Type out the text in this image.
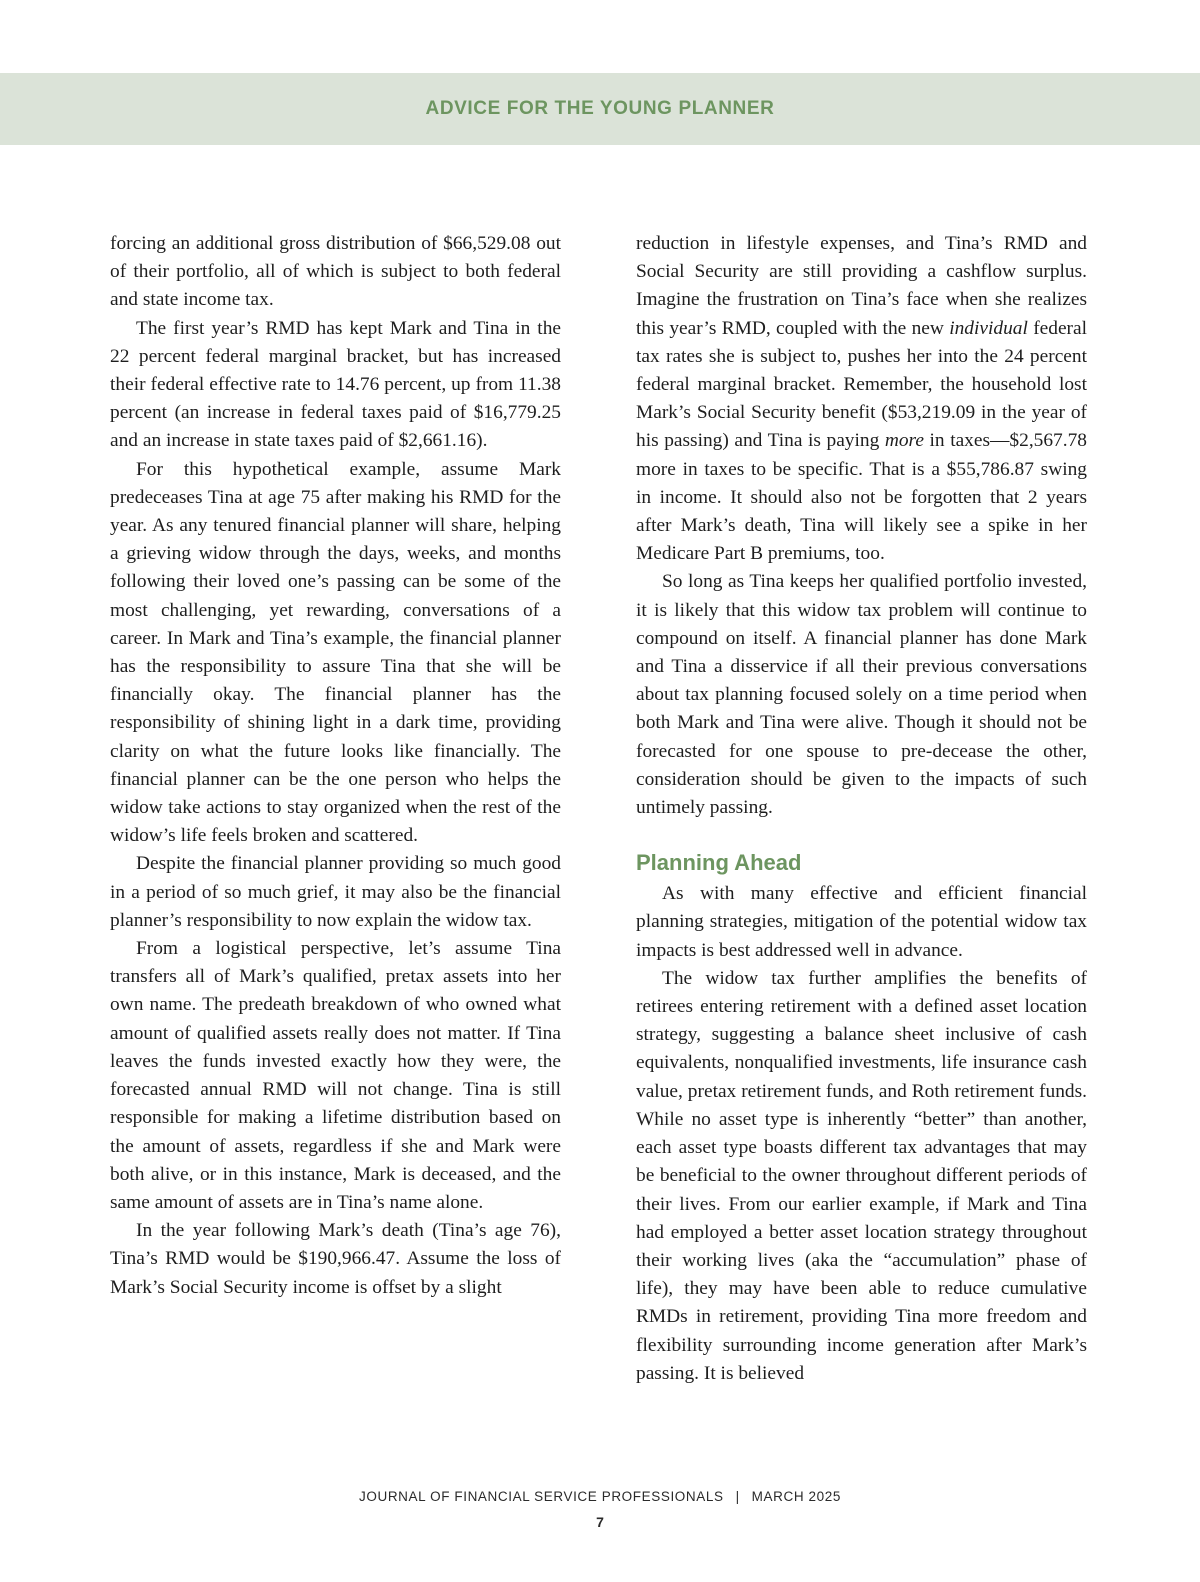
ADVICE FOR THE YOUNG PLANNER

forcing an additional gross distribution of $66,529.08 out of their portfolio, all of which is subject to both federal and state income tax.

The first year’s RMD has kept Mark and Tina in the 22 percent federal marginal bracket, but has increased their federal effective rate to 14.76 percent, up from 11.38 percent (an increase in federal taxes paid of $16,779.25 and an increase in state taxes paid of $2,661.16).

For this hypothetical example, assume Mark predeceases Tina at age 75 after making his RMD for the year. As any tenured financial planner will share, helping a grieving widow through the days, weeks, and months following their loved one’s passing can be some of the most challenging, yet rewarding, conversations of a career. In Mark and Tina’s example, the financial planner has the responsibility to assure Tina that she will be financially okay. The financial planner has the responsibility of shining light in a dark time, providing clarity on what the future looks like financially. The financial planner can be the one person who helps the widow take actions to stay organized when the rest of the widow’s life feels broken and scattered.

Despite the financial planner providing so much good in a period of so much grief, it may also be the financial planner’s responsibility to now explain the widow tax.

From a logistical perspective, let’s assume Tina transfers all of Mark’s qualified, pretax assets into her own name. The predeath breakdown of who owned what amount of qualified assets really does not matter. If Tina leaves the funds invested exactly how they were, the forecasted annual RMD will not change. Tina is still responsible for making a lifetime distribution based on the amount of assets, regardless if she and Mark were both alive, or in this instance, Mark is deceased, and the same amount of assets are in Tina’s name alone.

In the year following Mark’s death (Tina’s age 76), Tina’s RMD would be $190,966.47. Assume the loss of Mark’s Social Security income is offset by a slight

reduction in lifestyle expenses, and Tina’s RMD and Social Security are still providing a cashflow surplus. Imagine the frustration on Tina’s face when she realizes this year’s RMD, coupled with the new individual federal tax rates she is subject to, pushes her into the 24 percent federal marginal bracket. Remember, the household lost Mark’s Social Security benefit ($53,219.09 in the year of his passing) and Tina is paying more in taxes—$2,567.78 more in taxes to be specific. That is a $55,786.87 swing in income. It should also not be forgotten that 2 years after Mark’s death, Tina will likely see a spike in her Medicare Part B premiums, too.

So long as Tina keeps her qualified portfolio invested, it is likely that this widow tax problem will continue to compound on itself. A financial planner has done Mark and Tina a disservice if all their previous conversations about tax planning focused solely on a time period when both Mark and Tina were alive. Though it should not be forecasted for one spouse to pre-decease the other, consideration should be given to the impacts of such untimely passing.

Planning Ahead

As with many effective and efficient financial planning strategies, mitigation of the potential widow tax impacts is best addressed well in advance.

The widow tax further amplifies the benefits of retirees entering retirement with a defined asset location strategy, suggesting a balance sheet inclusive of cash equivalents, nonqualified investments, life insurance cash value, pretax retirement funds, and Roth retirement funds. While no asset type is inherently “better” than another, each asset type boasts different tax advantages that may be beneficial to the owner throughout different periods of their lives. From our earlier example, if Mark and Tina had employed a better asset location strategy throughout their working lives (aka the “accumulation” phase of life), they may have been able to reduce cumulative RMDs in retirement, providing Tina more freedom and flexibility surrounding income generation after Mark’s passing. It is believed

JOURNAL OF FINANCIAL SERVICE PROFESSIONALS | MARCH 2025
7
